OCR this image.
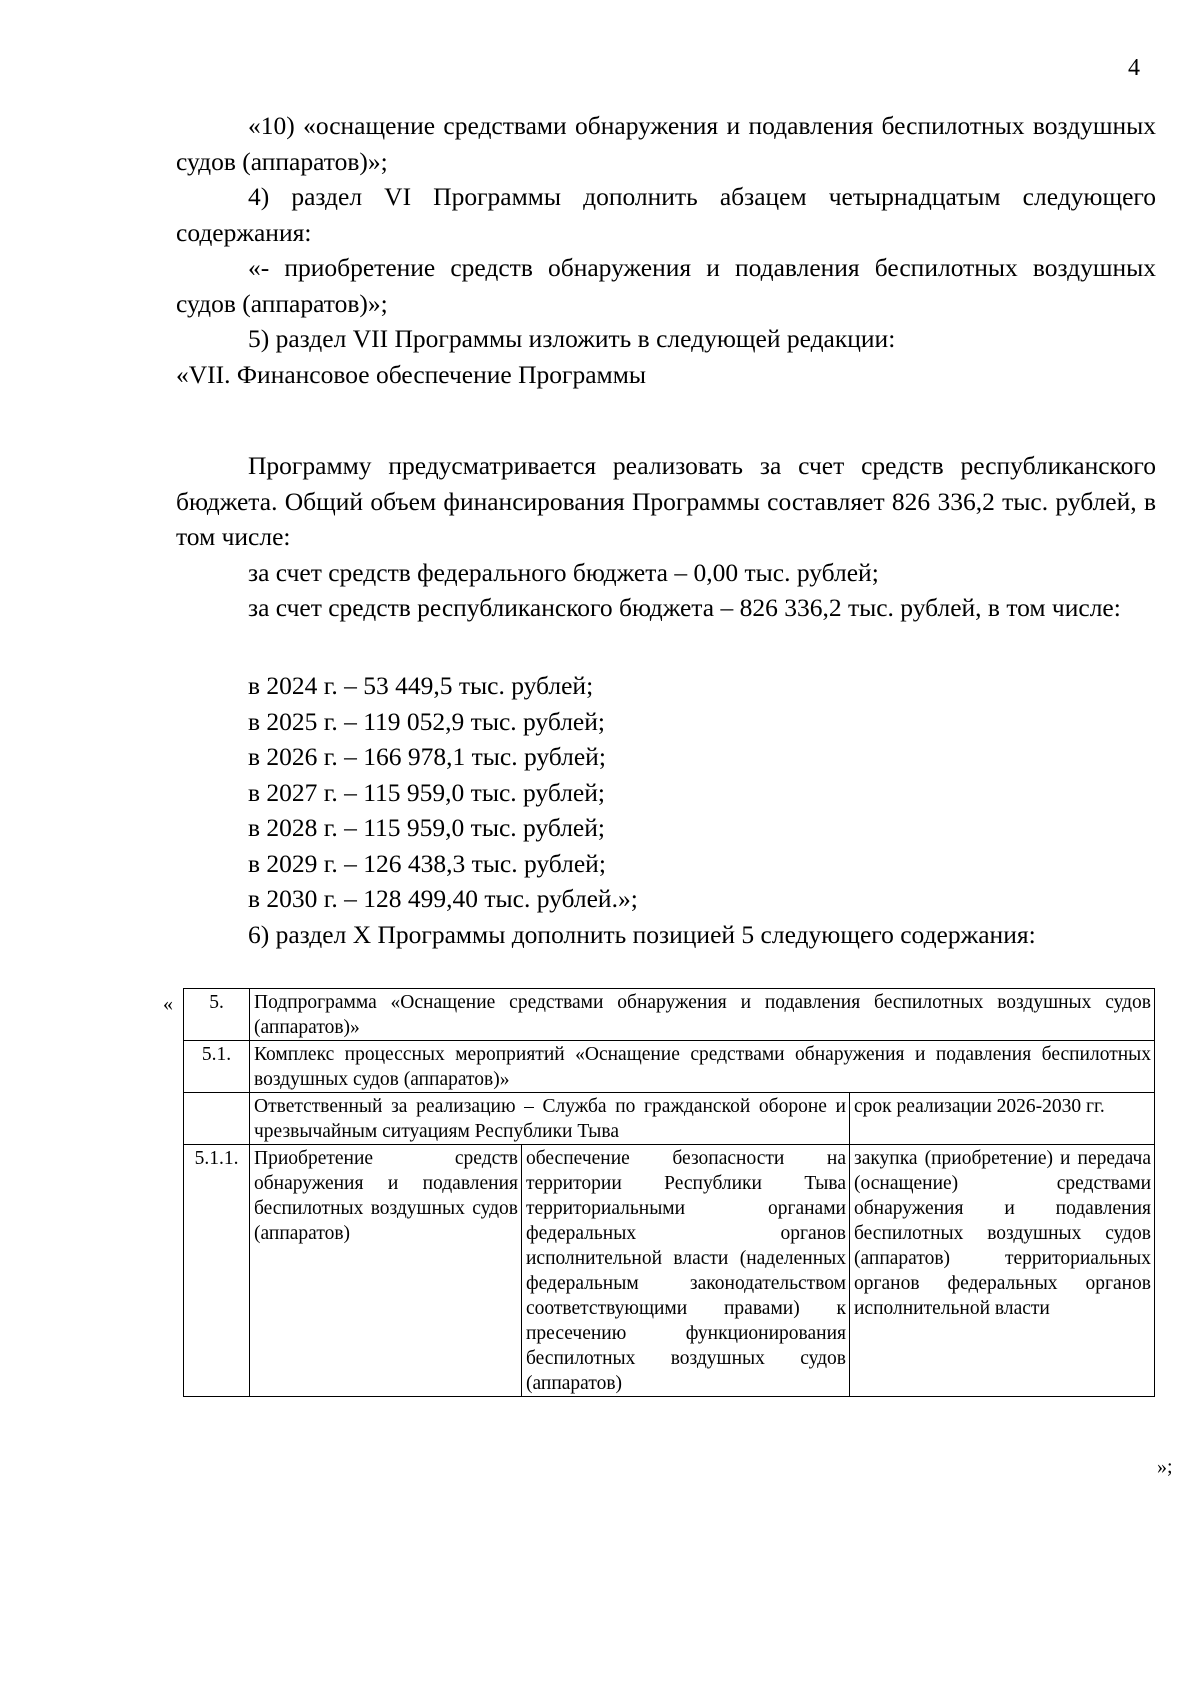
4

«10) «оснащение средствами обнаружения и подавления беспилотных воздушных судов (аппаратов)»;

4) раздел VI Программы дополнить абзацем четырнадцатым следующего содержания:

«- приобретение средств обнаружения и подавления беспилотных воздушных судов (аппаратов)»;

5) раздел VII Программы изложить в следующей редакции:

«VII. Финансовое обеспечение Программы

Программу предусматривается реализовать за счет средств республиканского бюджета. Общий объем финансирования Программы составляет 826 336,2 тыс. рублей, в том числе:

за счет средств федерального бюджета – 0,00 тыс. рублей;

за счет средств республиканского бюджета – 826 336,2 тыс. рублей, в том числе:

в 2024 г. – 53 449,5 тыс. рублей;

в 2025 г. – 119 052,9 тыс. рублей;

в 2026 г. – 166 978,1 тыс. рублей;

в 2027 г. – 115 959,0 тыс. рублей;

в 2028 г. – 115 959,0 тыс. рублей;

в 2029 г. – 126 438,3 тыс. рублей;

в 2030 г. – 128 499,40 тыс. рублей.»;

6) раздел X Программы дополнить позицией 5 следующего содержания:

« 5.	Подпрограмма «Оснащение средствами обнаружения и подавления беспилотных воздушных судов (аппаратов)»		
5.1.	Комплекс процессных мероприятий «Оснащение средствами обнаружения и подавления беспилотных воздушных судов (аппаратов)»		
	Ответственный за реализацию – Служба по гражданской обороне и чрезвычайным ситуациям Республики Тыва		срок реализации 2026-2030 гг.
5.1.1.	Приобретение средств обнаружения и подавления беспилотных воздушных судов (аппаратов)	обеспечение безопасности на территории Республики Тыва территориальными органами федеральных органов исполнительной власти (наделенных федеральным законодательством соответствующими правами) к пресечению функционирования беспилотных воздушных судов (аппаратов)	закупка (приобретение) и передача (оснащение) средствами обнаружения и подавления беспилотных воздушных судов (аппаратов) территориальных органов федеральных органов исполнительной власти
»;
